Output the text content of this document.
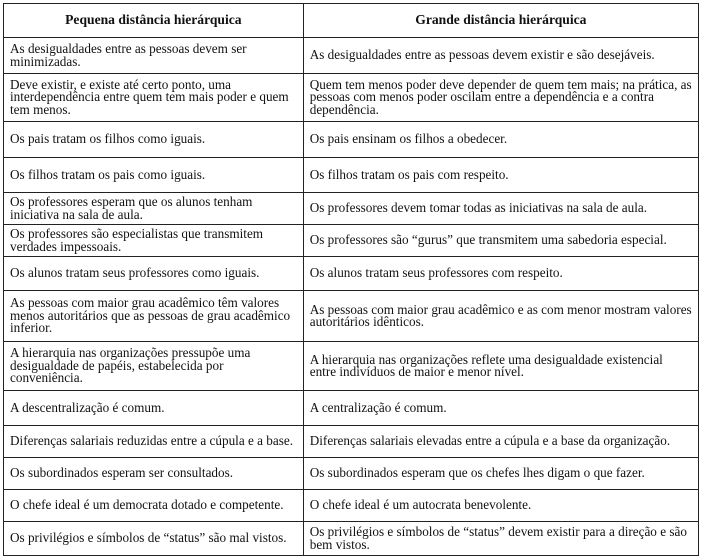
Pequena distância hierárquica	Grande distância hierárquica
As desigualdades entre as pessoas devem ser minimizadas.	As desigualdades entre as pessoas devem existir e são desejáveis.
Deve existir, e existe até certo ponto, uma interdependência entre quem tem mais poder e quem tem menos.	Quem tem menos poder deve depender de quem tem mais; na prática, as pessoas com menos poder oscilam entre a dependência e a contra dependência.
Os pais tratam os filhos como iguais.	Os pais ensinam os filhos a obedecer.
Os filhos tratam os pais como iguais.	Os filhos tratam os pais com respeito.
Os professores esperam que os alunos tenham iniciativa na sala de aula.	Os professores devem tomar todas as iniciativas na sala de aula.
Os professores são especialistas que transmitem verdades impessoais.	Os professores são “gurus” que transmitem uma sabedoria especial.
Os alunos tratam seus professores como iguais.	Os alunos tratam seus professores com respeito.
As pessoas com maior grau acadêmico têm valores menos autoritários que as pessoas de grau acadêmico inferior.	As pessoas com maior grau acadêmico e as com menor mostram valores autoritários idênticos.
A hierarquia nas organizações pressupõe uma desigualdade de papéis, estabelecida por conveniência.	A hierarquia nas organizações reflete uma desigualdade existencial entre indivíduos de maior e menor nível.
A descentralização é comum.	A centralização é comum.
Diferenças salariais reduzidas entre a cúpula e a base.	Diferenças salariais elevadas entre a cúpula e a base da organização.
Os subordinados esperam ser consultados.	Os subordinados esperam que os chefes lhes digam o que fazer.
O chefe ideal é um democrata dotado e competente.	O chefe ideal é um autocrata benevolente.
Os privilégios e símbolos de “status” são mal vistos.	Os privilégios e símbolos de “status” devem existir para a direção e são bem vistos.
